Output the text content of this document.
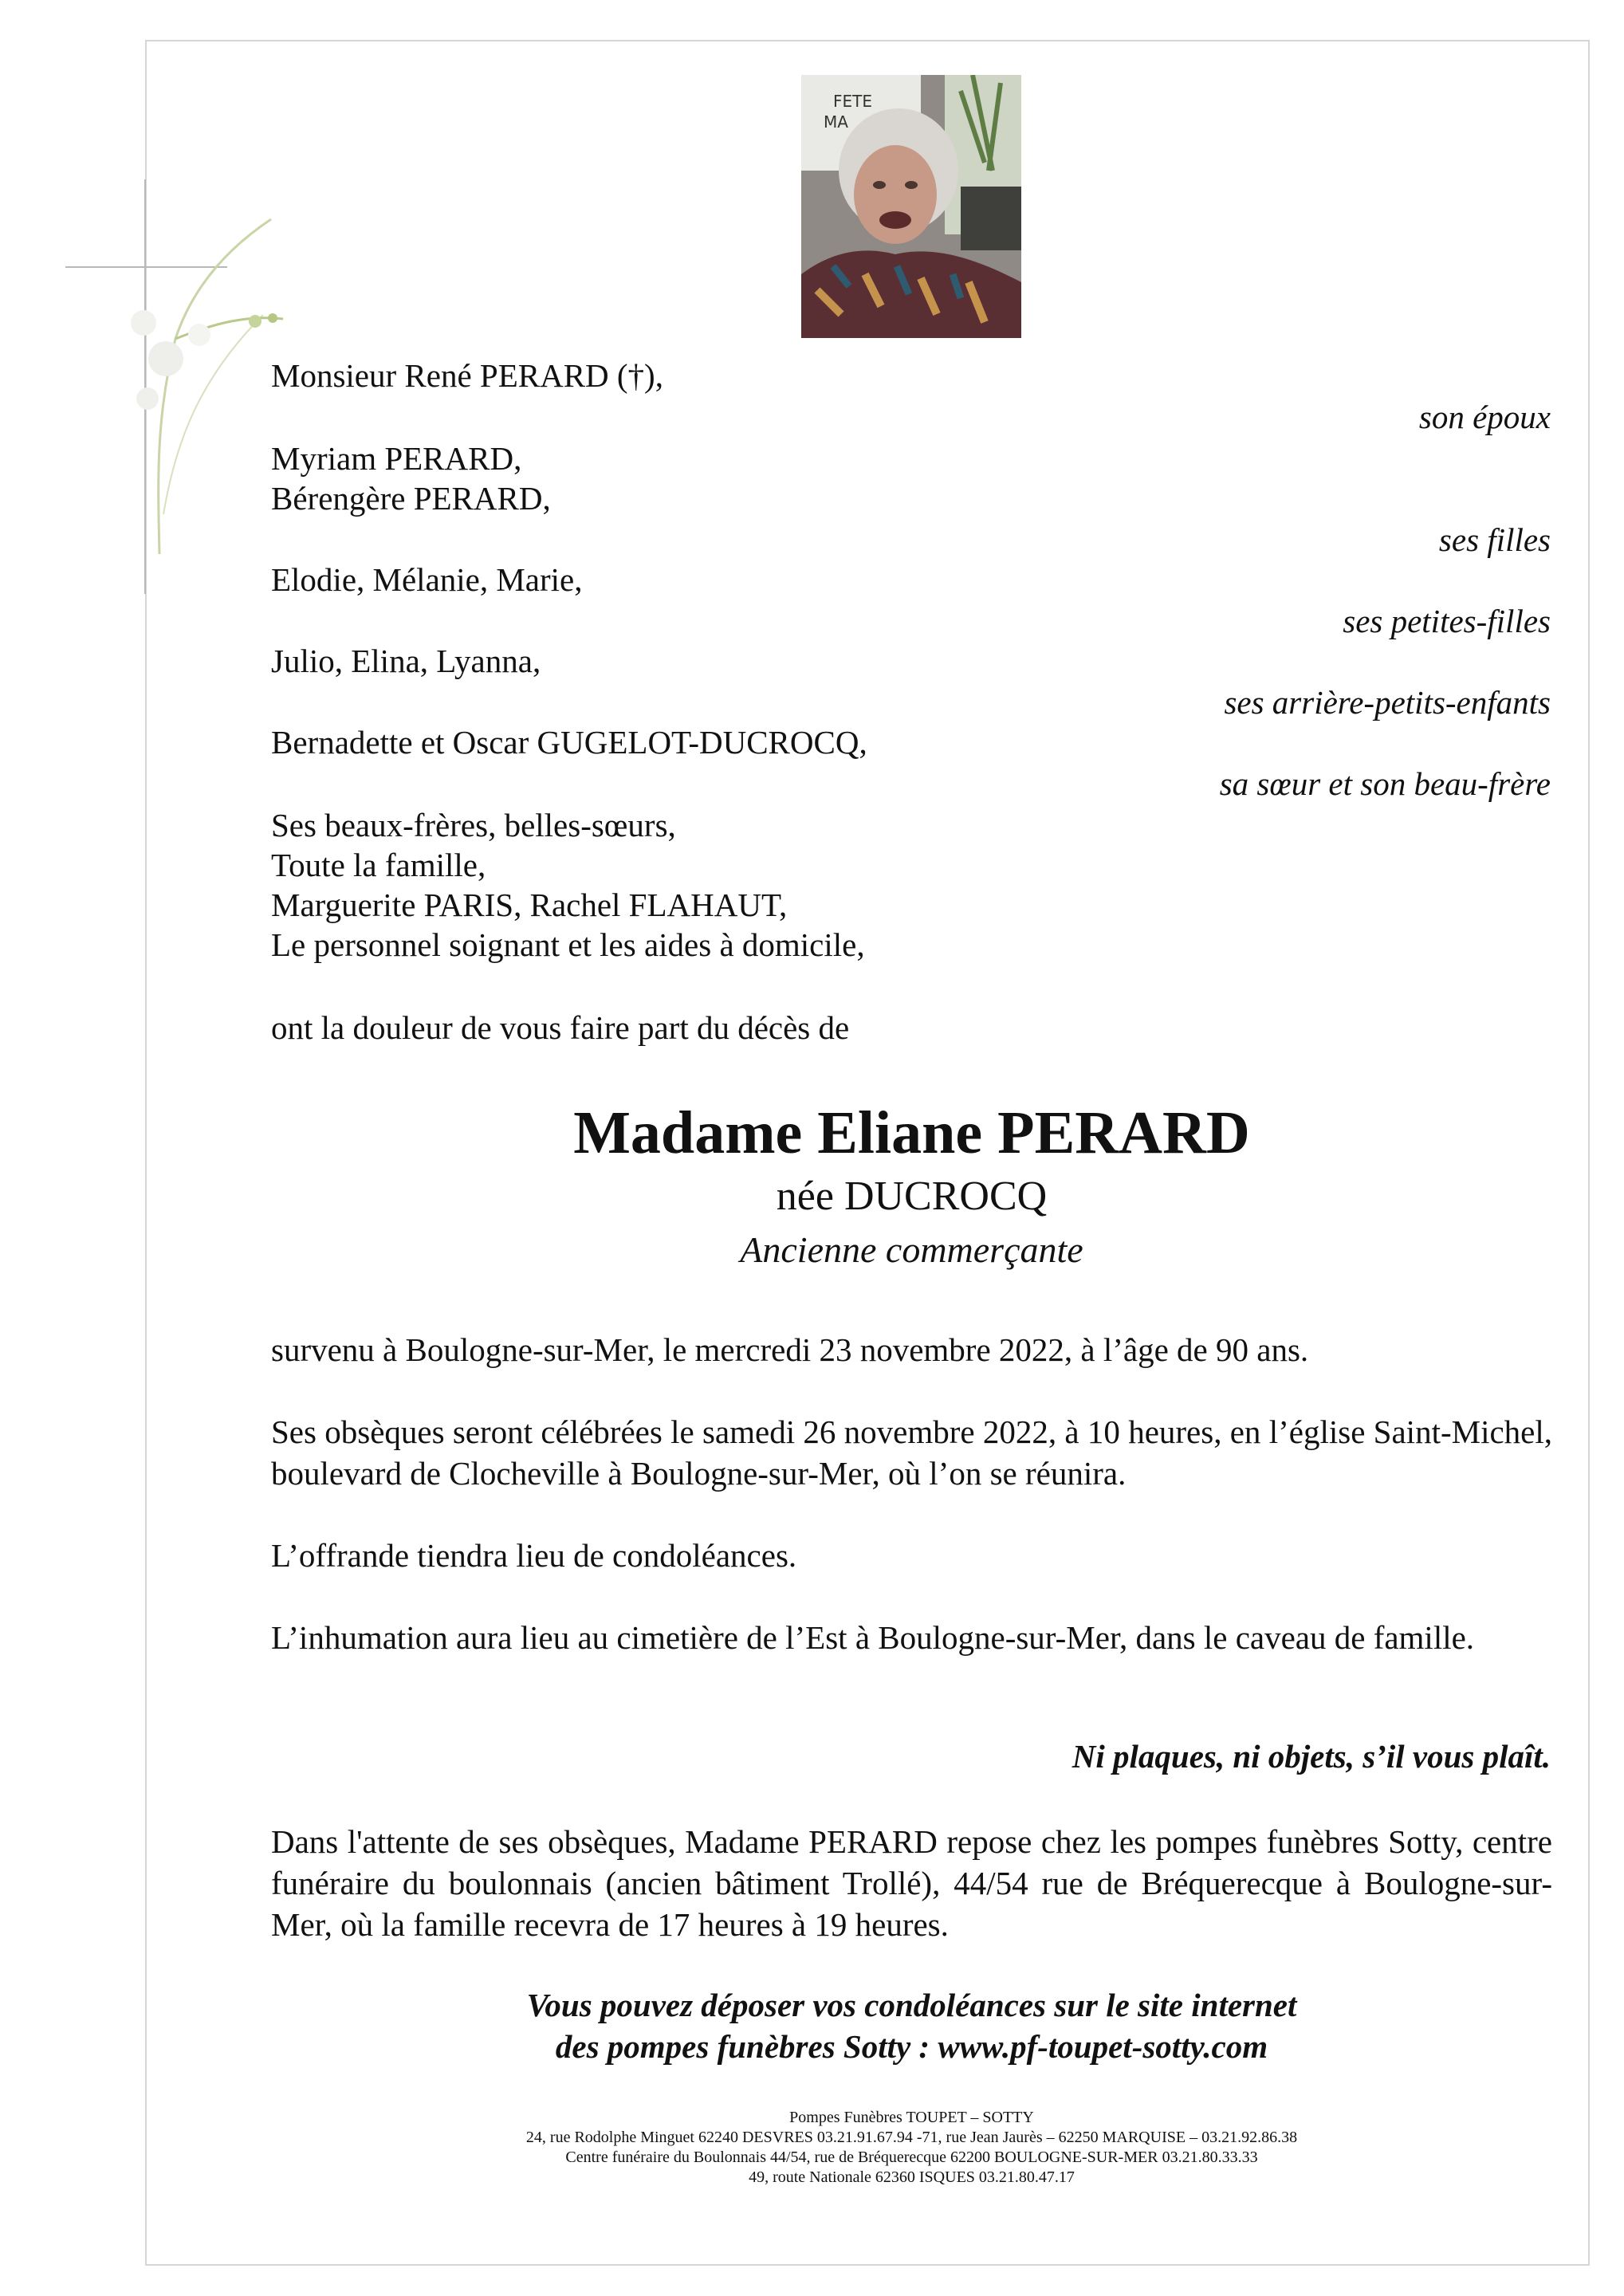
FETE
MA
Monsieur René PERARD (†),
son époux
Myriam PERARD,
Bérengère PERARD,
ses filles
Elodie, Mélanie, Marie,
ses petites-filles
Julio, Elina, Lyanna,
ses arrière-petits-enfants
Bernadette et Oscar GUGELOT-DUCROCQ,
sa sœur et son beau-frère
Ses beaux-frères, belles-sœurs,
Toute la famille,
Marguerite PARIS, Rachel FLAHAUT,
Le personnel soignant et les aides à domicile,
ont la douleur de vous faire part du décès de
Madame Eliane PERARD
née DUCROCQ
Ancienne commerçante
survenu à Boulogne-sur-Mer, le mercredi 23 novembre 2022, à l’âge de 90 ans.
Ses obsèques seront célébrées le samedi 26 novembre 2022, à 10 heures, en l’église Saint-Michel, boulevard de Clocheville à Boulogne-sur-Mer, où l’on se réunira.
L’offrande tiendra lieu de condoléances.
L’inhumation aura lieu au cimetière de l’Est à Boulogne-sur-Mer, dans le caveau de famille.
Ni plaques, ni objets, s’il vous plaît.
Dans l'attente de ses obsèques, Madame PERARD repose chez les pompes funèbres Sotty, centre funéraire du boulonnais (ancien bâtiment Trollé), 44/54 rue de Bréquerecque à Boulogne-sur-Mer, où la famille recevra de 17 heures à 19 heures.
Vous pouvez déposer vos condoléances sur le site internet
des pompes funèbres Sotty : www.pf-toupet-sotty.com
Pompes Funèbres TOUPET – SOTTY
24, rue Rodolphe Minguet 62240 DESVRES 03.21.91.67.94 -71, rue Jean Jaurès – 62250 MARQUISE – 03.21.92.86.38
Centre funéraire du Boulonnais 44/54, rue de Bréquerecque 62200 BOULOGNE-SUR-MER 03.21.80.33.33
49, route Nationale 62360 ISQUES 03.21.80.47.17
